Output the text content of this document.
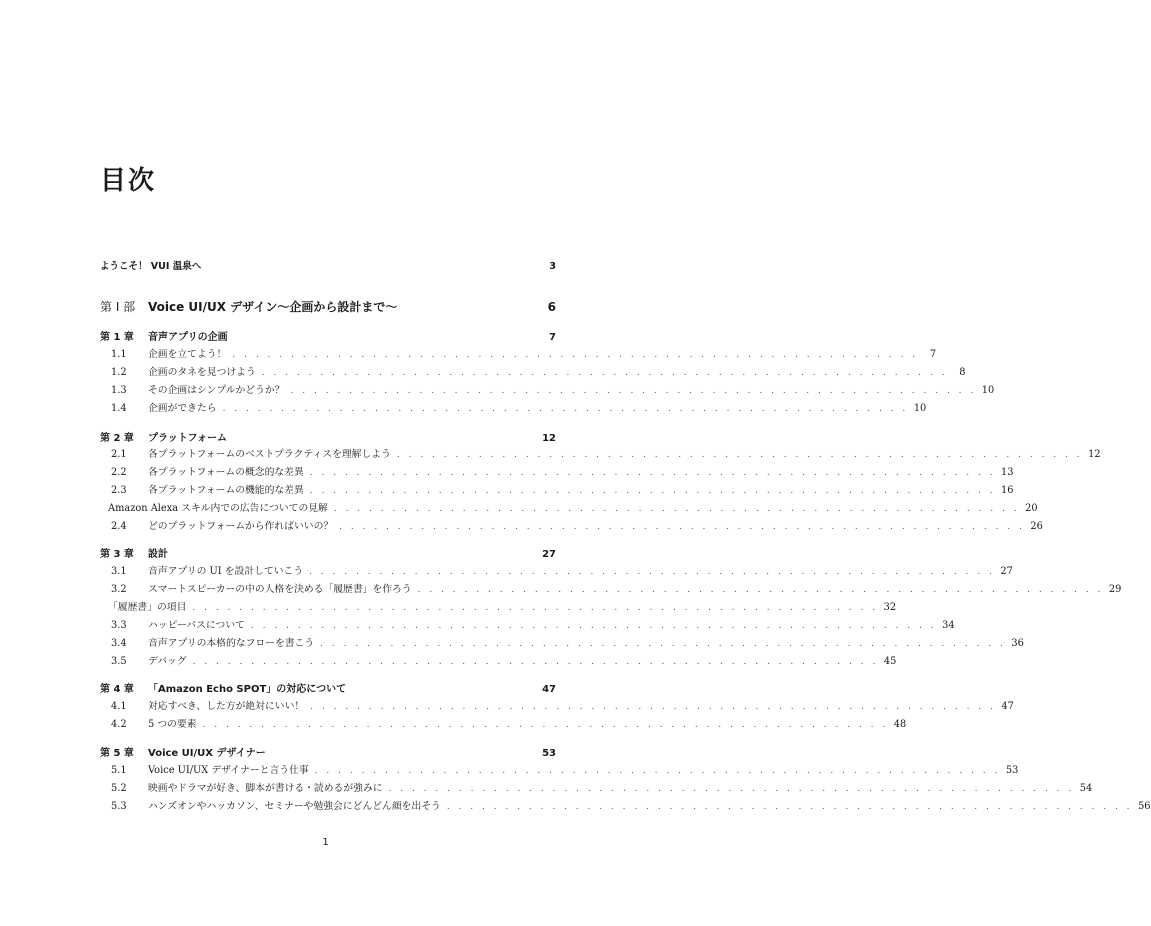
目次
ようこそ！ VUI 温泉へ	3
第 I 部	Voice UI/UX デザイン〜企画から設計まで〜	6
第 1 章	音声アプリの企画	7
1.1	企画を立てよう！ . . . . . . . . . . . . . . . . . . . . . . . . . . . . . . . . . . . . . . . . . . . . . . . . . . . . . . . . . . .	7
1.2	企画のタネを見つけよう . . . . . . . . . . . . . . . . . . . . . . . . . . . . . . . . . . . . . . . . . . . . . . . . . . . . . . . . . . .	8
1.3	その企画はシンプルかどうか？ . . . . . . . . . . . . . . . . . . . . . . . . . . . . . . . . . . . . . . . . . . . . . . . . . . . . . . . . . . . 10
1.4	企画ができたら . . . . . . . . . . . . . . . . . . . . . . . . . . . . . . . . . . . . . . . . . . . . . . . . . . . . . . . . . . . 10
第 2 章	プラットフォーム	12
2.1	各プラットフォームのベストプラクティスを理解しよう . . . . . . . . . . . . . . . . . . . . . . . . . . . . . . . . . . . . . . . . . . . . . . . . . . . . . . . . . . . 12
2.2	各プラットフォームの概念的な差異 . . . . . . . . . . . . . . . . . . . . . . . . . . . . . . . . . . . . . . . . . . . . . . . . . . . . . . . . . . . 13
2.3	各プラットフォームの機能的な差異 . . . . . . . . . . . . . . . . . . . . . . . . . . . . . . . . . . . . . . . . . . . . . . . . . . . . . . . . . . . 16
Amazon Alexa スキル内での広告についての見解 . . . . . . . . . . . . . . . . . . . . . . . . . . . . . . . . . . . . . . . . . . . . . . . . . . . . . . . . . . . 20
2.4	どのプラットフォームから作ればいいの？ . . . . . . . . . . . . . . . . . . . . . . . . . . . . . . . . . . . . . . . . . . . . . . . . . . . . . . . . . . . 26
第 3 章	設計	27
3.1	音声アプリの UI を設計していこう . . . . . . . . . . . . . . . . . . . . . . . . . . . . . . . . . . . . . . . . . . . . . . . . . . . . . . . . . . . 27
3.2	スマートスピーカーの中の人格を決める「履歴書」を作ろう . . . . . . . . . . . . . . . . . . . . . . . . . . . . . . . . . . . . . . . . . . . . . . . . . . . . . . . . . . . 29
「履歴書」の項目 . . . . . . . . . . . . . . . . . . . . . . . . . . . . . . . . . . . . . . . . . . . . . . . . . . . . . . . . . . . 32
3.3	ハッピーパスについて . . . . . . . . . . . . . . . . . . . . . . . . . . . . . . . . . . . . . . . . . . . . . . . . . . . . . . . . . . . 34
3.4	音声アプリの本格的なフローを書こう . . . . . . . . . . . . . . . . . . . . . . . . . . . . . . . . . . . . . . . . . . . . . . . . . . . . . . . . . . . 36
3.5	デバッグ . . . . . . . . . . . . . . . . . . . . . . . . . . . . . . . . . . . . . . . . . . . . . . . . . . . . . . . . . . . 45
第 4 章	「Amazon Echo SPOT」の対応について	47
4.1	対応すべき、した方が絶対にいい！ . . . . . . . . . . . . . . . . . . . . . . . . . . . . . . . . . . . . . . . . . . . . . . . . . . . . . . . . . . . 47
4.2	5 つの要素 . . . . . . . . . . . . . . . . . . . . . . . . . . . . . . . . . . . . . . . . . . . . . . . . . . . . . . . . . . . 48
第 5 章	Voice UI/UX デザイナー	53
5.1	Voice UI/UX デザイナーと言う仕事 . . . . . . . . . . . . . . . . . . . . . . . . . . . . . . . . . . . . . . . . . . . . . . . . . . . . . . . . . . . 53
5.2	映画やドラマが好き、脚本が書ける・読めるが強みに . . . . . . . . . . . . . . . . . . . . . . . . . . . . . . . . . . . . . . . . . . . . . . . . . . . . . . . . . . . 54
5.3	ハンズオンやハッカソン、セミナーや勉強会にどんどん顔を出そう . . . . . . . . . . . . . . . . . . . . . . . . . . . . . . . . . . . . . . . . . . . . . . . . . . . . . . . . . . . 56
1
